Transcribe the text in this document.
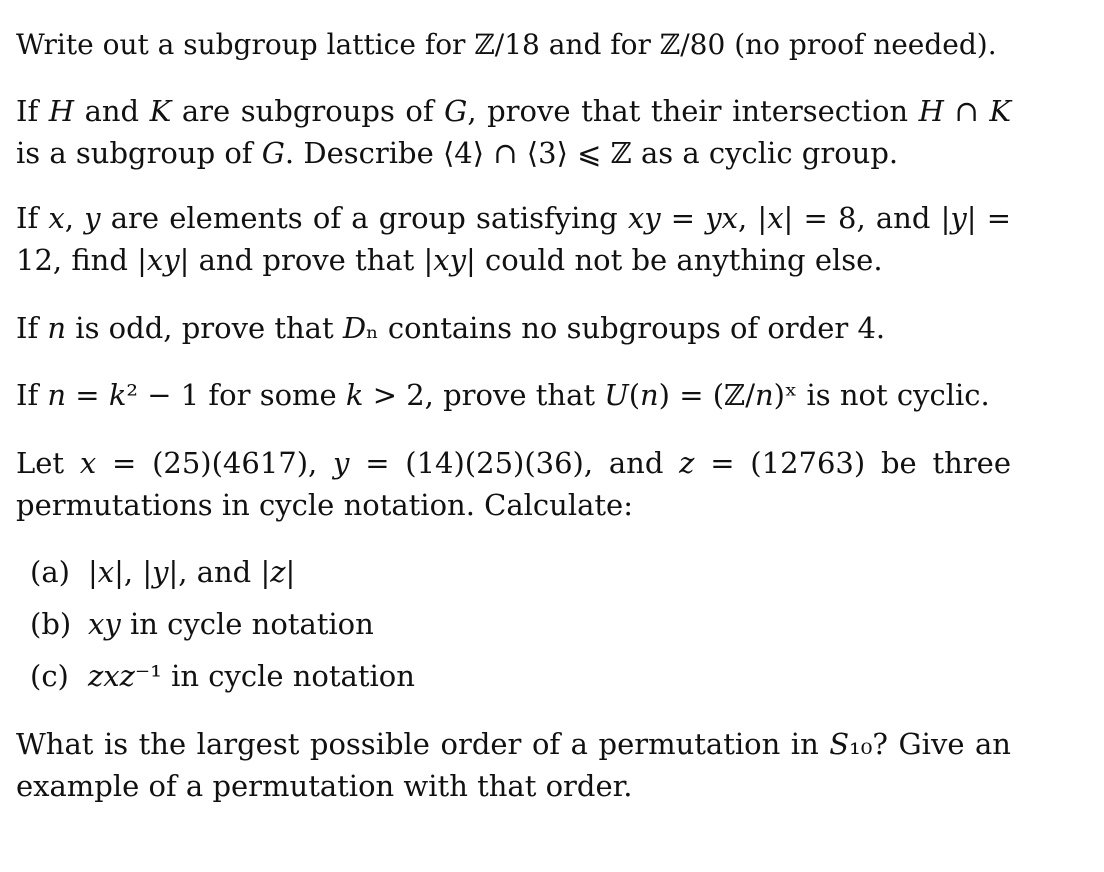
Write out a subgroup lattice for ℤ/18 and for ℤ/80 (no proof needed).
If 𝐻 and 𝐾 are subgroups of 𝐺, prove that their intersection 𝐻 ∩ 𝐾 is a subgroup of 𝐺. Describe ⟨4⟩ ∩ ⟨3⟩ ⩽ ℤ as a cyclic group.
If 𝑥, 𝑦 are elements of a group satisfying 𝑥𝑦 = 𝑦𝑥, |𝑥| = 8, and |𝑦| = 12, find |𝑥𝑦| and prove that |𝑥𝑦| could not be anything else.
If 𝑛 is odd, prove that 𝐷ₙ contains no subgroups of order 4.
If 𝑛 = 𝑘² − 1 for some 𝑘 > 2, prove that 𝑈(𝑛) = (ℤ/𝑛)ˣ is not cyclic.
Let 𝑥 = (25)(4617), 𝑦 = (14)(25)(36), and 𝑧 = (12763) be three permutations in cycle notation. Calculate:
(a) |𝑥|, |𝑦|, and |𝑧|
(b) 𝑥𝑦 in cycle notation
(c) 𝑧𝑥𝑧⁻¹ in cycle notation
What is the largest possible order of a permutation in 𝑆₁₀? Give an example of a permutation with that order.
